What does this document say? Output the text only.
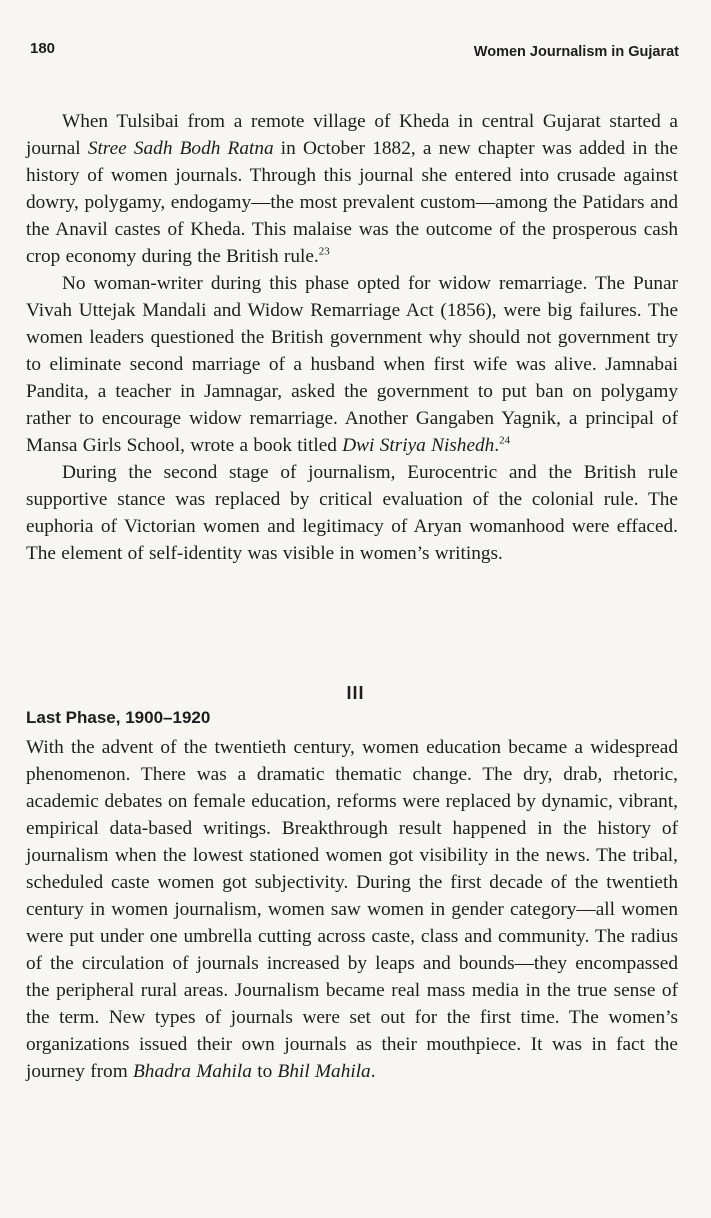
180	Women Journalism in Gujarat

When Tulsibai from a remote village of Kheda in central Gujarat started a journal Stree Sadh Bodh Ratna in October 1882, a new chapter was added in the history of women journals. Through this journal she entered into crusade against dowry, polygamy, endogamy—the most prevalent custom—among the Patidars and the Anavil castes of Kheda. This malaise was the outcome of the prosperous cash crop economy during the British rule.$^{23}$

No woman-writer during this phase opted for widow remarriage. The Punar Vivah Uttejak Mandali and Widow Remarriage Act (1856), were big failures. The women leaders questioned the British government why should not government try to eliminate second marriage of a husband when first wife was alive. Jamnabai Pandita, a teacher in Jamnagar, asked the government to put ban on polygamy rather to encourage widow remarriage. Another Gangaben Yagnik, a principal of Mansa Girls School, wrote a book titled Dwi Striya Nishedh.$^{24}$

During the second stage of journalism, Eurocentric and the British rule supportive stance was replaced by critical evaluation of the colonial rule. The euphoria of Victorian women and legitimacy of Aryan womanhood were effaced. The element of self-identity was visible in women’s writings.

III
Last Phase, 1900–1920

With the advent of the twentieth century, women education became a widespread phenomenon. There was a dramatic thematic change. The dry, drab, rhetoric, academic debates on female education, reforms were replaced by dynamic, vibrant, empirical data-based writings. Breakthrough result happened in the history of journalism when the lowest stationed women got visibility in the news. The tribal, scheduled caste women got subjectivity. During the first decade of the twentieth century in women journalism, women saw women in gender category—all women were put under one umbrella cutting across caste, class and community. The radius of the circulation of journals increased by leaps and bounds—they encompassed the peripheral rural areas. Journalism became real mass media in the true sense of the term. New types of journals were set out for the first time. The women’s organizations issued their own journals as their mouthpiece. It was in fact the journey from Bhadra Mahila to Bhil Mahila.
